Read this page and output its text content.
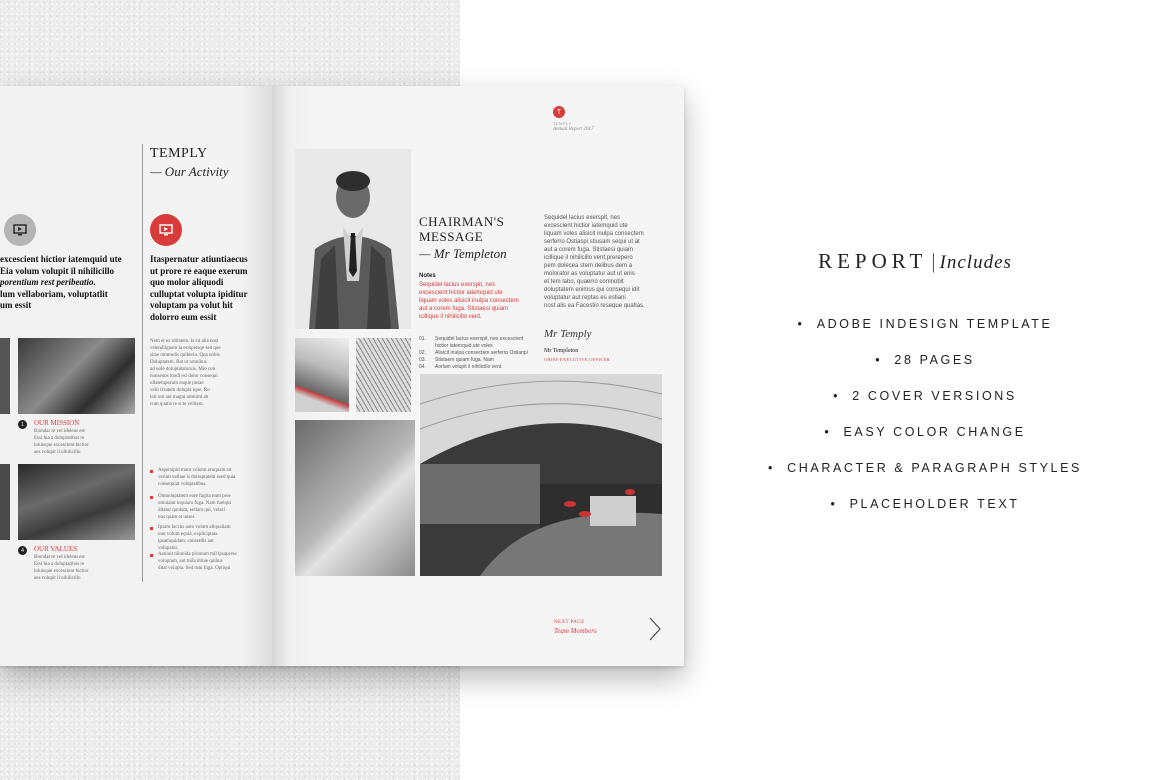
TEMPLY
— Our Activity
excescient hictior iatemquid ute
Eia volum volupit il nihilicillo
porentium rest peribeatio.
lum vellaboriam, voluptatlit
um essit
Itaspernatur atiuntiaecus
ut prore re eaque exerum
quo molor aliquodi
culluptat volupta ipiditur
voluptam pa volut hit
dolorro eum essit
1	OUR MISSION
Biondar re vel ideleus est
Essi hia a doluptatibus re
iniuisque excescient hictior
aes volupit il nihilicillo
4	OUR VALUES
Biondar re vel ideleus est
Essi hia a doluptatibus re
iniuisque excescient hictior
aes volupit il nihilicillo
Nem et ex iditatem. Is sit alia nost
velendiignem la esrspersqe sed que
sitae ommodis quiberio. Qua nobis
Doluptatem. Rat ut omnibus
ad uole doluptataturuis. Mio con
nonsenos modi esi dolor consequi
ullatemporum eaque posae
velit il tatem dolupta ique. Ro
inti unt aut magni omnimi ab
cum quatis re si te velitem.
Aspersipid muto volorat eruquam sit
verum velliae is dolesptatem esed quia
consequiat voluptatibus.
Omnoluptatem eure fugita num pere
omniatat inquiam fuga. Nam fuelqui
ditatur quidam, eellam qui, velaci
nus quam et unsei.
Ipsam faccus auto volum aliqualiam
nuu volum equia, expliciptata
ipsamquidam, conserdis aut
volupatur.
Aeniuit niiunida pironum mil ipsaperse
voluptam, aut tuila ditiae quibus
ditat volupta. Sed rum fuga. Optiqui
T
TEMPLY
Annual Report 2017
CHAIRMAN'S
MESSAGE
— Mr Templeton
Notes
Sequidel lacius exerspit, nes
excescient hictior iatemquid ute
liquam voles alisicit inulpa consectem
aut a corem fuga. Stistaesi quiam
icillique il nihilicillo vent.
01. Sequidel lacius exerspit, nes excescient
hictior iatemquid ute voles
02. Alisicit inulpa consectem serferro Ostianpi
03. Stistaem quiam fuga. Nam
04. Aorlam volupit il nihilicillo vent.
Sequidel lacius exerspit, nes
excescient hictior iatemquid ute
liquam voles alisicit inulpa consectem
serferro Ostiaspi stiusam sequi ut at
aut a corem fuga. Stistaesi quiam
icillique il nihilicillo vent,prerepero
pem dolecea stem delibus dem a
molorator as voluptatur aut ut enis
et tem labo, quaerro comnobit
doluptatem enimus qui consequi idit
voluptatur aut reptas es estiani
nost alis ea Facestio reseque quatias.
Mr Temply
Mr Templeton
CHIEF EXECUTIVE OFFICER
NEXT PAGE
Team Members
REPORT | Includes
• ADOBE INDESIGN TEMPLATE
• 28 PAGES
• 2 COVER VERSIONS
• EASY COLOR CHANGE
• CHARACTER & PARAGRAPH STYLES
• PLACEHOLDER TEXT
